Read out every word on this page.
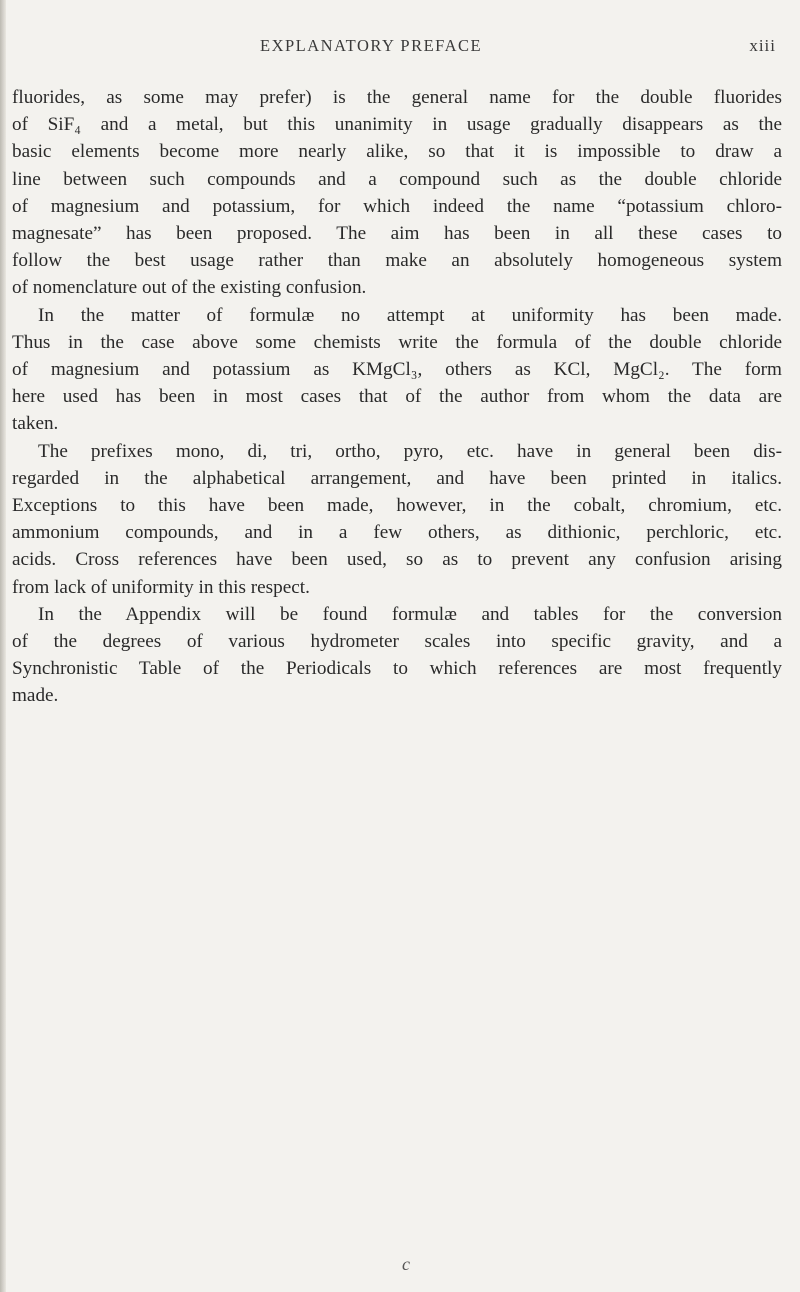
EXPLANATORY PREFACE	xiii
fluorides, as some may prefer) is the general name for the double fluorides
of SiF₄ and a metal, but this unanimity in usage gradually disappears as the
basic elements become more nearly alike, so that it is impossible to draw a
line between such compounds and a compound such as the double chloride
of magnesium and potassium, for which indeed the name “potassium chloro-
magnesate” has been proposed. The aim has been in all these cases to
follow the best usage rather than make an absolutely homogeneous system
of nomenclature out of the existing confusion.
In the matter of formulæ no attempt at uniformity has been made.
Thus in the case above some chemists write the formula of the double chloride
of magnesium and potassium as KMgCl₃, others as KCl, MgCl₂. The form
here used has been in most cases that of the author from whom the data are
taken.
The prefixes mono, di, tri, ortho, pyro, etc. have in general been dis-
regarded in the alphabetical arrangement, and have been printed in italics.
Exceptions to this have been made, however, in the cobalt, chromium, etc.
ammonium compounds, and in a few others, as dithionic, perchloric, etc.
acids. Cross references have been used, so as to prevent any confusion arising
from lack of uniformity in this respect.
In the Appendix will be found formulæ and tables for the conversion
of the degrees of various hydrometer scales into specific gravity, and a
Synchronistic Table of the Periodicals to which references are most frequently
made.
c
